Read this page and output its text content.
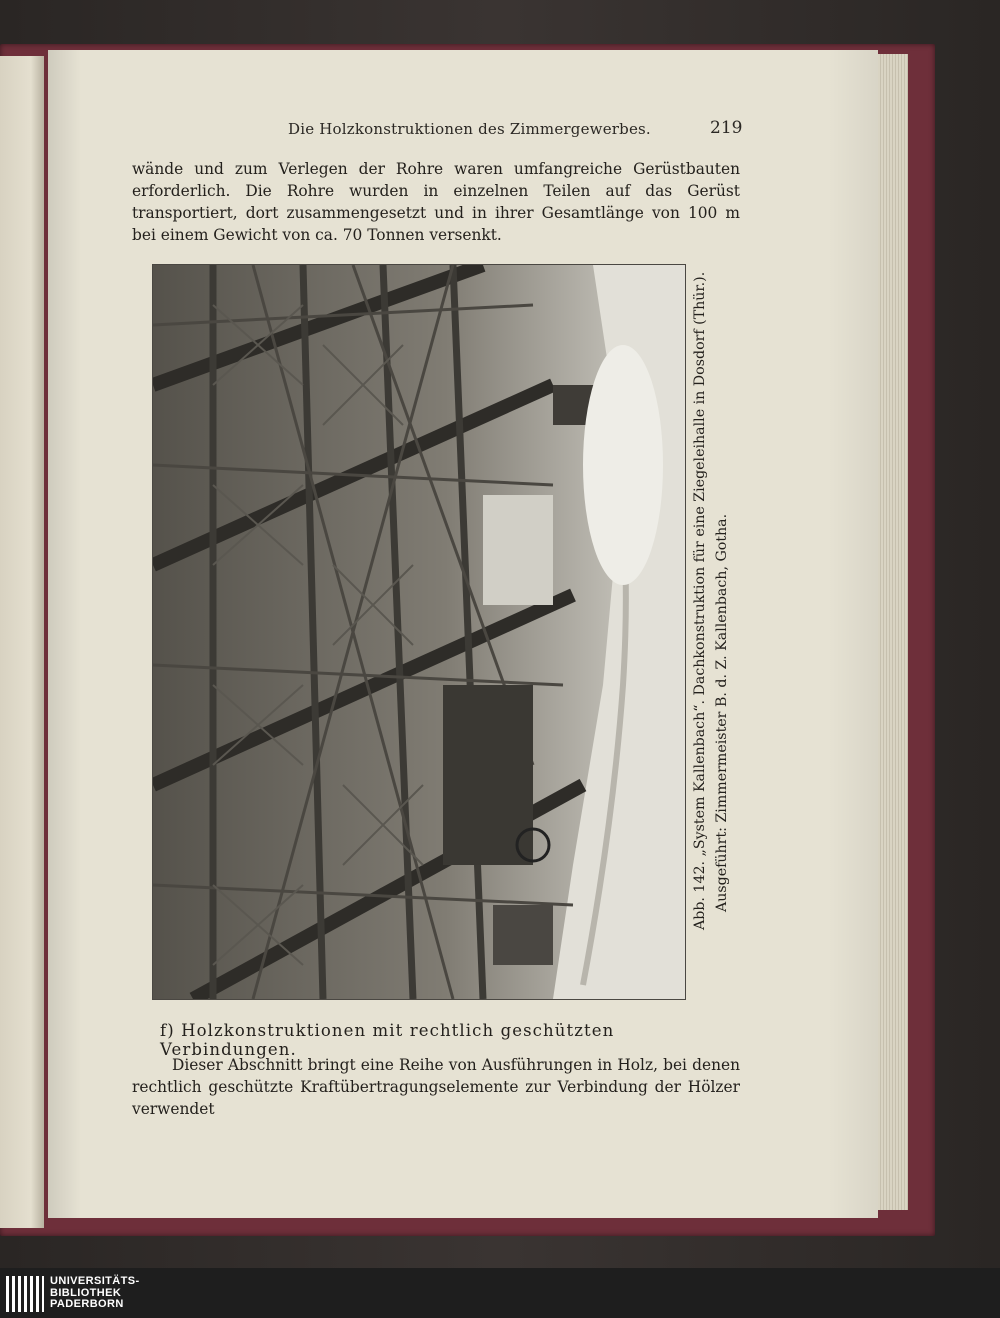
Die Holzkonstruktionen des Zimmergewerbes.	219

wände und zum Verlegen der Rohre waren umfangreiche Gerüstbauten erforderlich. Die Rohre wurden in einzelnen Teilen auf das Gerüst transportiert, dort zusammengesetzt und in ihrer Gesamtlänge von 100 m bei einem Gewicht von ca. 70 Tonnen versenkt.

Abb. 142. „System Kallenbach“. Dachkonstruktion für eine Ziegeleihalle in Dosdorf (Thür.). Ausgeführt: Zimmermeister B. d. Z. Kallenbach, Gotha.
f) Holzkonstruktionen mit rechtlich geschützten Verbindungen.

Dieser Abschnitt bringt eine Reihe von Ausführungen in Holz, bei denen rechtlich geschützte Kraftübertragungselemente zur Verbindung der Hölzer verwendet

UNIVERSITÄTS-
BIBLIOTHEK
PADERBORN
